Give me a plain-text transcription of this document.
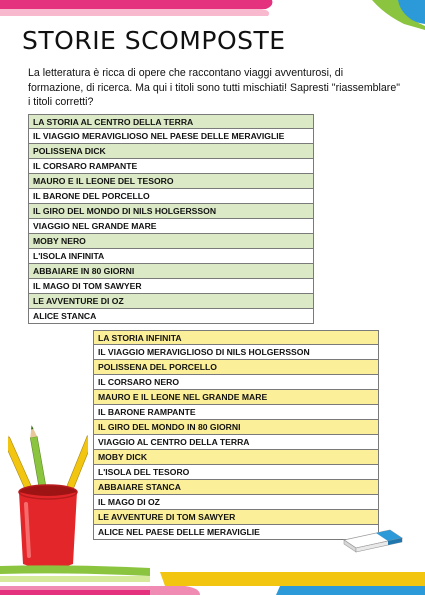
STORIE SCOMPOSTE

La letteratura è ricca di opere che raccontano viaggi avventurosi, di formazione, di ricerca. Ma qui i titoli sono tutti mischiati! Sapresti "riassemblare" i titoli corretti?

LA STORIA AL CENTRO DELLA TERRA
IL VIAGGIO MERAVIGLIOSO NEL PAESE DELLE MERAVIGLIE
POLISSENA DICK
IL CORSARO RAMPANTE
MAURO E IL LEONE DEL TESORO
IL BARONE DEL PORCELLO
IL GIRO DEL MONDO DI NILS HOLGERSSON
VIAGGIO NEL GRANDE MARE
MOBY NERO
L'ISOLA INFINITA
ABBAIARE IN 80 GIORNI
IL MAGO DI TOM SAWYER
LE AVVENTURE DI OZ
ALICE STANCA
LA STORIA INFINITA
IL VIAGGIO MERAVIGLIOSO DI NILS HOLGERSSON
POLISSENA DEL PORCELLO
IL CORSARO NERO
MAURO E IL LEONE NEL GRANDE MARE
IL BARONE RAMPANTE
IL GIRO DEL MONDO IN 80 GIORNI
VIAGGIO AL CENTRO DELLA TERRA
MOBY DICK
L'ISOLA DEL TESORO
ABBAIARE STANCA
IL MAGO DI OZ
LE AVVENTURE DI TOM SAWYER
ALICE NEL PAESE DELLE MERAVIGLIE
